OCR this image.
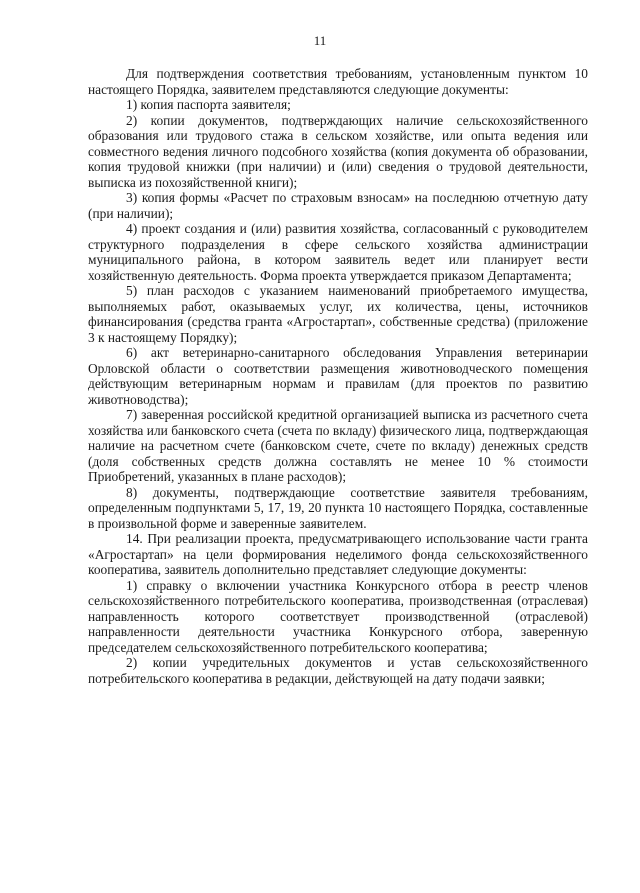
11

Для подтверждения соответствия требованиям, установленным пунктом 10 настоящего Порядка, заявителем представляются следующие документы:

1) копия паспорта заявителя;

2) копии документов, подтверждающих наличие сельскохозяйственного образования или трудового стажа в сельском хозяйстве, или опыта ведения или совместного ведения личного подсобного хозяйства (копия документа об образовании, копия трудовой книжки (при наличии) и (или) сведения о трудовой деятельности, выписка из похозяйственной книги);

3) копия формы «Расчет по страховым взносам» на последнюю отчетную дату (при наличии);

4) проект создания и (или) развития хозяйства, согласованный с руководителем структурного подразделения в сфере сельского хозяйства администрации муниципального района, в котором заявитель ведет или планирует вести хозяйственную деятельность. Форма проекта утверждается приказом Департамента;

5) план расходов с указанием наименований приобретаемого имущества, выполняемых работ, оказываемых услуг, их количества, цены, источников финансирования (средства гранта «Агростартап», собственные средства) (приложение 3 к настоящему Порядку);

6) акт ветеринарно-санитарного обследования Управления ветеринарии Орловской области о соответствии размещения животноводческого помещения действующим ветеринарным нормам и правилам (для проектов по развитию животноводства);

7) заверенная российской кредитной организацией выписка из расчетного счета хозяйства или банковского счета (счета по вкладу) физического лица, подтверждающая наличие на расчетном счете (банковском счете, счете по вкладу) денежных средств (доля собственных средств должна составлять не менее 10 % стоимости Приобретений, указанных в плане расходов);

8) документы, подтверждающие соответствие заявителя требованиям, определенным подпунктами 5, 17, 19, 20 пункта 10 настоящего Порядка, составленные в произвольной форме и заверенные заявителем.

14. При реализации проекта, предусматривающего использование части гранта «Агростартап» на цели формирования неделимого фонда сельскохозяйственного кооператива, заявитель дополнительно представляет следующие документы:

1) справку о включении участника Конкурсного отбора в реестр членов сельскохозяйственного потребительского кооператива, производственная (отраслевая) направленность которого соответствует производственной (отраслевой) направленности деятельности участника Конкурсного отбора, заверенную председателем сельскохозяйственного потребительского кооператива;

2) копии учредительных документов и устав сельскохозяйственного потребительского кооператива в редакции, действующей на дату подачи заявки;
